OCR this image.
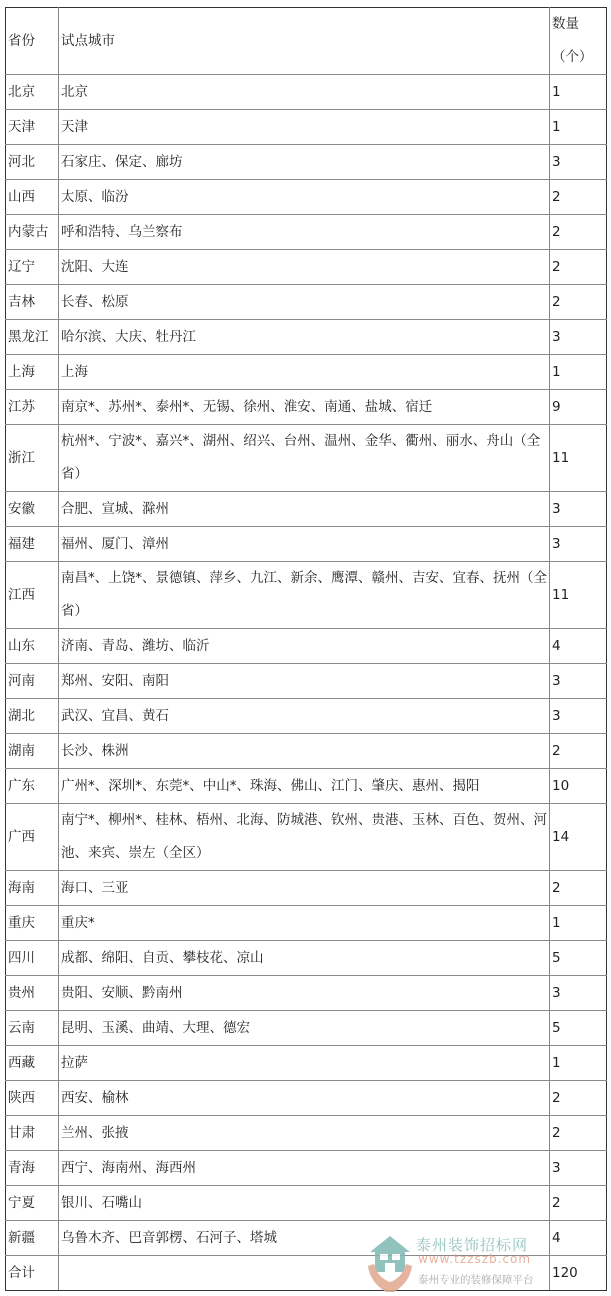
省份	试点城市	数量
（个）
北京	北京	1
天津	天津	1
河北	石家庄、保定、廊坊	3
山西	太原、临汾	2
内蒙古	呼和浩特、乌兰察布	2
辽宁	沈阳、大连	2
吉林	长春、松原	2
黑龙江	哈尔滨、大庆、牡丹江	3
上海	上海	1
江苏	南京*、苏州*、泰州*、无锡、徐州、淮安、南通、盐城、宿迁	9
浙江	杭州*、宁波*、嘉兴*、湖州、绍兴、台州、温州、金华、衢州、丽水、舟山（全省）	11
安徽	合肥、宣城、滁州	3
福建	福州、厦门、漳州	3
江西	南昌*、上饶*、景德镇、萍乡、九江、新余、鹰潭、赣州、吉安、宜春、抚州（全省）	11
山东	济南、青岛、潍坊、临沂	4
河南	郑州、安阳、南阳	3
湖北	武汉、宜昌、黄石	3
湖南	长沙、株洲	2
广东	广州*、深圳*、东莞*、中山*、珠海、佛山、江门、肇庆、惠州、揭阳	10
广西	南宁*、柳州*、桂林、梧州、北海、防城港、钦州、贵港、玉林、百色、贺州、河池、来宾、崇左（全区）	14
海南	海口、三亚	2
重庆	重庆*	1
四川	成都、绵阳、自贡、攀枝花、凉山	5
贵州	贵阳、安顺、黔南州	3
云南	昆明、玉溪、曲靖、大理、德宏	5
西藏	拉萨	1
陕西	西安、榆林	2
甘肃	兰州、张掖	2
青海	西宁、海南州、海西州	3
宁夏	银川、石嘴山	2
新疆	乌鲁木齐、巴音郭楞、石河子、塔城	4
合计		120
泰州装饰招标网
www.tzzszb.com
泰州专业的装修保障平台
